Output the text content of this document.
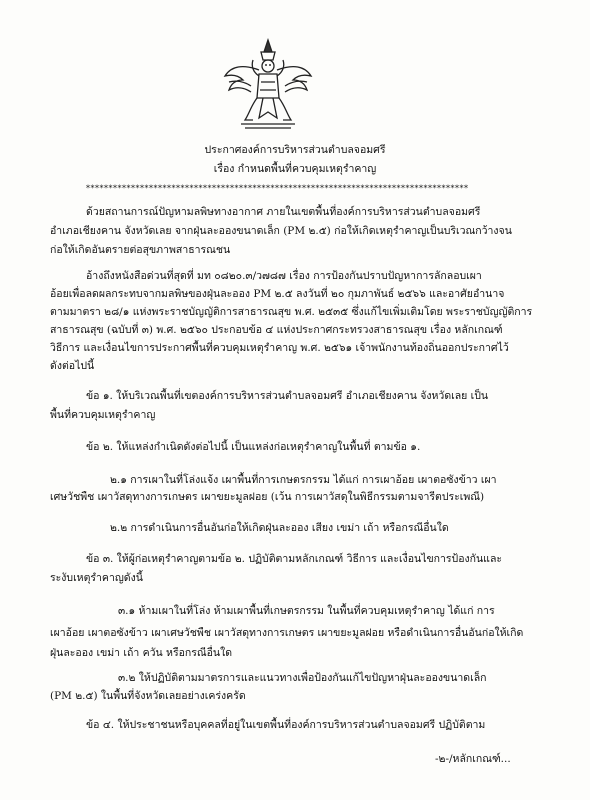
ประกาศองค์การบริหารส่วนตำบลจอมศรี
เรื่อง กำหนดพื้นที่ควบคุมเหตุรำคาญ
*************************************************************************************
ด้วยสถานการณ์ปัญหามลพิษทางอากาศ ภายในเขตพื้นที่องค์การบริหารส่วนตำบลจอมศรี
อำเภอเชียงคาน จังหวัดเลย จากฝุ่นละอองขนาดเล็ก (PM ๒.๕) ก่อให้เกิดเหตุรำคาญเป็นบริเวณกว้างจน
ก่อให้เกิดอันตรายต่อสุขภาพสาธารณชน
อ้างถึงหนังสือด่วนที่สุดที่ มท ๐๘๒๐.๓/ว๗๘๗ เรื่อง การป้องกันปราบปัญหาการลักลอบเผา
อ้อยเพื่อลดผลกระทบจากมลพิษของฝุ่นละออง PM ๒.๕ ลงวันที่ ๒๐ กุมภาพันธ์ ๒๕๖๖ และอาศัยอำนาจ
ตามมาตรา ๒๘/๑ แห่งพระราชบัญญัติการสาธารณสุข พ.ศ. ๒๕๓๕ ซึ่งแก้ไขเพิ่มเติมโดย พระราชบัญญัติการ
สาธารณสุข (ฉบับที่ ๓) พ.ศ. ๒๕๖๐ ประกอบข้อ ๔ แห่งประกาศกระทรวงสาธารณสุข เรื่อง หลักเกณฑ์
วิธีการ และเงื่อนไขการประกาศพื้นที่ควบคุมเหตุรำคาญ พ.ศ. ๒๕๖๑ เจ้าพนักงานท้องถิ่นออกประกาศไว้
ดังต่อไปนี้
ข้อ ๑. ให้บริเวณพื้นที่เขตองค์การบริหารส่วนตำบลจอมศรี อำเภอเชียงคาน จังหวัดเลย เป็น
พื้นที่ควบคุมเหตุรำคาญ
ข้อ ๒. ให้แหล่งกำเนิดดังต่อไปนี้ เป็นแหล่งก่อเหตุรำคาญในพื้นที่ ตามข้อ ๑.
๒.๑ การเผาในที่โล่งแจ้ง เผาพื้นที่การเกษตรกรรม ได้แก่ การเผาอ้อย เผาตอซังข้าว เผา
เศษวัชพืช เผาวัสดุทางการเกษตร เผาขยะมูลฝอย (เว้น การเผาวัสดุในพิธีกรรมตามจารีตประเพณี)
๒.๒ การดำเนินการอื่นอันก่อให้เกิดฝุ่นละออง เสียง เขม่า เถ้า หรือกรณีอื่นใด
ข้อ ๓. ให้ผู้ก่อเหตุรำคาญตามข้อ ๒. ปฏิบัติตามหลักเกณฑ์ วิธีการ และเงื่อนไขการป้องกันและ
ระงับเหตุรำคาญดังนี้
๓.๑ ห้ามเผาในที่โล่ง ห้ามเผาพื้นที่เกษตรกรรม ในพื้นที่ควบคุมเหตุรำคาญ ได้แก่ การ
เผาอ้อย เผาตอซังข้าว เผาเศษวัชพืช เผาวัสดุทางการเกษตร เผาขยะมูลฝอย หรือดำเนินการอื่นอันก่อให้เกิด
ฝุ่นละออง เขม่า เถ้า ควัน หรือกรณีอื่นใด
๓.๒ ให้ปฏิบัติตามมาตรการและแนวทางเพื่อป้องกันแก้ไขปัญหาฝุ่นละอองขนาดเล็ก
(PM ๒.๕) ในพื้นที่จังหวัดเลยอย่างเคร่งครัด
ข้อ ๔. ให้ประชาชนหรือบุคคลที่อยู่ในเขตพื้นที่องค์การบริหารส่วนตำบลจอมศรี ปฏิบัติตาม
-๒-/หลักเกณฑ์...
